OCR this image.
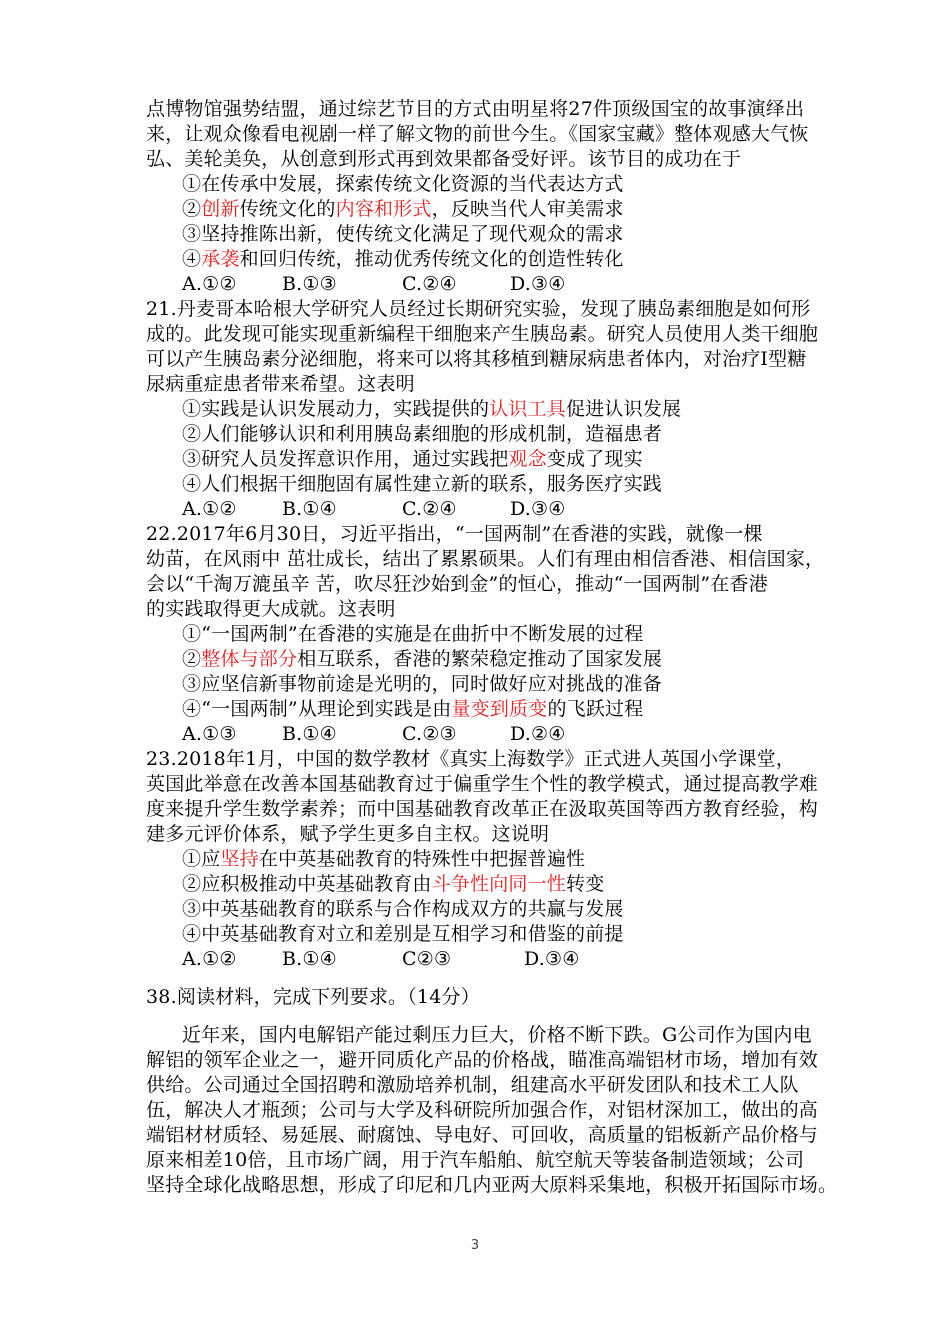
点博物馆强势结盟，通过综艺节目的方式由明星将27件顶级国宝的故事演绎出
来，让观众像看电视剧一样了解文物的前世今生。《国家宝藏》整体观感大气恢
弘、美轮美奂，从创意到形式再到效果都备受好评。该节目的成功在于
①在传承中发展，探索传统文化资源的当代表达方式
②创新传统文化的内容和形式，反映当代人审美需求
③坚持推陈出新，使传统文化满足了现代观众的需求
④承袭和回归传统，推动优秀传统文化的创造性转化
A.①② B.①③	C.②④	D.③④
21.丹麦哥本哈根大学研究人员经过长期研究实验，发现了胰岛素细胞是如何形
成的。此发现可能实现重新编程干细胞来产生胰岛素。研究人员使用人类干细胞
可以产生胰岛素分泌细胞，将来可以将其移植到糖尿病患者体内，对治疗Ⅰ型糖
尿病重症患者带来希望。这表明
①实践是认识发展动力，实践提供的认识工具促进认识发展
②人们能够认识和利用胰岛素细胞的形成机制，造福患者
③研究人员发挥意识作用，通过实践把观念变成了现实
④人们根据干细胞固有属性建立新的联系，服务医疗实践
A.①② B.①④	C.②④	D.③④
22.2017年6月30日，习近平指出，“一国两制”在香港的实践，就像一棵
幼苗，在风雨中 茁壮成长，结出了累累硕果。人们有理由相信香港、相信国家，
会以“千淘万漉虽辛 苦，吹尽狂沙始到金”的恒心，推动“一国两制”在香港
的实践取得更大成就。这表明
①“一国两制”在香港的实施是在曲折中不断发展的过程
②整体与部分相互联系，香港的繁荣稳定推动了国家发展
③应坚信新事物前途是光明的，同时做好应对挑战的准备
④“一国两制”从理论到实践是由量变到质变的飞跃过程
A.①③ B.①④	C.②③	D.②④
23.2018年1月，中国的数学教材《真实上海数学》正式进人英国小学课堂，
英国此举意在改善本国基础教育过于偏重学生个性的教学模式，通过提高教学难
度来提升学生数学素养；而中国基础教育改革正在汲取英国等西方教育经验，构
建多元评价体系，赋予学生更多自主权。这说明
①应坚持在中英基础教育的特殊性中把握普遍性
②应积极推动中英基础教育由斗争性向同一性转变
③中英基础教育的联系与合作构成双方的共赢与发展
④中英基础教育对立和差别是互相学习和借鉴的前提
A.①② B.①④	C②③	D.③④
38.阅读材料，完成下列要求。（14分）
近年来，国内电解铝产能过剩压力巨大，价格不断下跌。G公司作为国内电
解铝的领军企业之一，避开同质化产品的价格战，瞄准高端铝材市场，增加有效
供给。公司通过全国招聘和激励培养机制，组建高水平研发团队和技术工人队
伍，解决人才瓶颈；公司与大学及科研院所加强合作，对铝材深加工，做出的高
端铝材材质轻、易延展、耐腐蚀、导电好、可回收，高质量的铝板新产品价格与
原来相差10倍，且市场广阔，用于汽车船舶、航空航天等装备制造领域；公司
坚持全球化战略思想，形成了印尼和几内亚两大原料采集地，积极开拓国际市场。
3
